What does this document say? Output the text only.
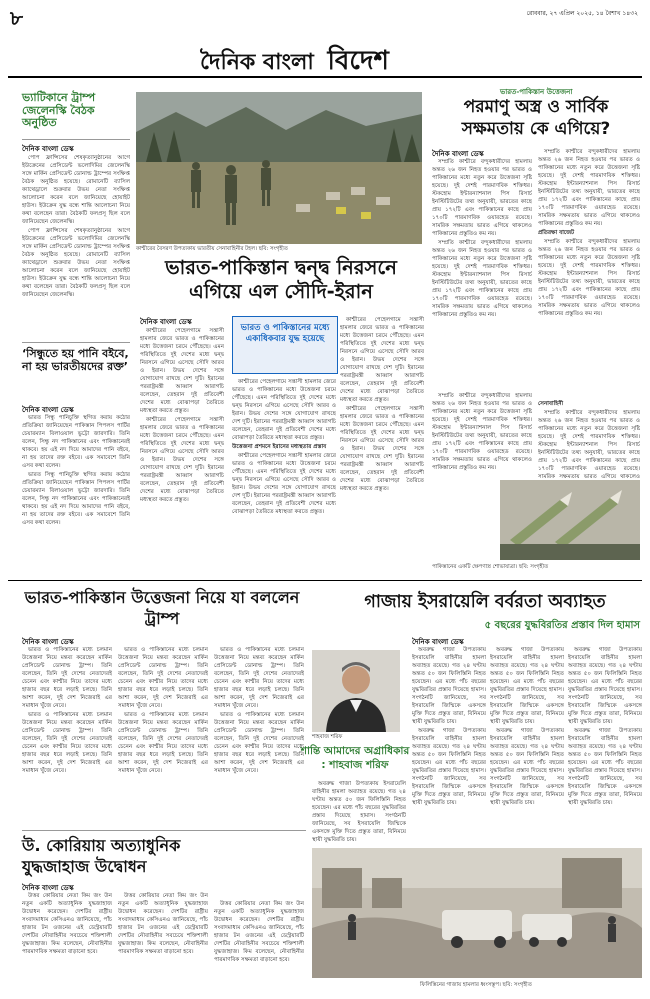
৮	রোববার, ২৭ এপ্রিল ২০২৫, ১৪ বৈশাখ ১৪৩২
দৈনিক বাংলা বিদেশ
ভ্যাটিকানে ট্রাম্প জেলেনস্কি বৈঠক অনুষ্ঠিত
দৈনিক বাংলা ডেস্ক

পোপ ফ্রান্সিসের শেষকৃত্যানুষ্ঠানের আগে ইউক্রেনের প্রেসিডেন্ট ভলোদিমির জেলেনস্কি সঙ্গে মার্কিন প্রেসিডেন্ট ডোনাল্ড ট্রাম্পের সংক্ষিপ্ত বৈঠক অনুষ্ঠিত হয়েছে। রোমানেটি ব্যাসিল ক্যাথেড্রালে শুক্রবার উভয় নেতা সংক্ষিপ্ত আলোচনা করেন বলে জানিয়েছে হোয়াইট হাউস। ইউক্রেন যুদ্ধ বন্ধে শান্তি আলোচনা নিয়ে কথা বলেছেন তারা। বৈঠকটি ফলপ্রসূ ছিল বলে জানিয়েছেন জেলেনস্কি।

পোপ ফ্রান্সিসের শেষকৃত্যানুষ্ঠানের আগে ইউক্রেনের প্রেসিডেন্ট ভলোদিমির জেলেনস্কি সঙ্গে মার্কিন প্রেসিডেন্ট ডোনাল্ড ট্রাম্পের সংক্ষিপ্ত বৈঠক অনুষ্ঠিত হয়েছে। রোমানেটি ব্যাসিল ক্যাথেড্রালে শুক্রবার উভয় নেতা সংক্ষিপ্ত আলোচনা করেন বলে জানিয়েছে হোয়াইট হাউস। ইউক্রেন যুদ্ধ বন্ধে শান্তি আলোচনা নিয়ে কথা বলেছেন তারা। বৈঠকটি ফলপ্রসূ ছিল বলে জানিয়েছেন জেলেনস্কি।

‘সিন্ধুতে হয় পানি বইবে, না হয় ভারতীয়দের রক্ত’
দৈনিক বাংলা ডেস্ক

ভারত সিন্ধু পানিচুক্তি স্থগিত করায় কঠোর প্রতিক্রিয়া জানিয়েছেন পাকিস্তান পিপলস পার্টির চেয়ারম্যান বিলাওয়াল ভুট্টো জারদারি। তিনি বলেন, সিন্ধু নদ পাকিস্তানের এবং পাকিস্তানেরই থাকবে। হয় এই নদ দিয়ে আমাদের পানি বইবে, না হয় তাদের রক্ত বইবে। এক সমাবেশে তিনি এসব কথা বলেন।

ভারত সিন্ধু পানিচুক্তি স্থগিত করায় কঠোর প্রতিক্রিয়া জানিয়েছেন পাকিস্তান পিপলস পার্টির চেয়ারম্যান বিলাওয়াল ভুট্টো জারদারি। তিনি বলেন, সিন্ধু নদ পাকিস্তানের এবং পাকিস্তানেরই থাকবে। হয় এই নদ দিয়ে আমাদের পানি বইবে, না হয় তাদের রক্ত বইবে। এক সমাবেশে তিনি এসব কথা বলেন।

কাশ্মীরের বৈসরণ উপত্যকায় ভারতীয় সেনাবাহিনীর টহল। ছবি: সংগৃহীত
ভারত-পাকিস্তান দ্বন্দ্ব নিরসনে এগিয়ে এল সৌদি-ইরান
দৈনিক বাংলা ডেস্ক

কাশ্মীরের পেহেলগামে সন্ত্রাসী হামলার জেরে ভারত ও পাকিস্তানের মধ্যে উত্তেজনা চরমে পৌঁছেছে। এমন পরিস্থিতিতে দুই দেশের মধ্যে দ্বন্দ্ব নিরসনে এগিয়ে এসেছে সৌদি আরব ও ইরান। উভয় দেশের সঙ্গে যোগাযোগ রাখছে দেশ দুটি। ইরানের পররাষ্ট্রমন্ত্রী আব্বাস আরাগচি বলেছেন, তেহরান দুই প্রতিবেশী দেশের মধ্যে বোঝাপড়া তৈরিতে মধ্যস্থতা করতে প্রস্তুত।

কাশ্মীরের পেহেলগামে সন্ত্রাসী হামলার জেরে ভারত ও পাকিস্তানের মধ্যে উত্তেজনা চরমে পৌঁছেছে। এমন পরিস্থিতিতে দুই দেশের মধ্যে দ্বন্দ্ব নিরসনে এগিয়ে এসেছে সৌদি আরব ও ইরান। উভয় দেশের সঙ্গে যোগাযোগ রাখছে দেশ দুটি। ইরানের পররাষ্ট্রমন্ত্রী আব্বাস আরাগচি বলেছেন, তেহরান দুই প্রতিবেশী দেশের মধ্যে বোঝাপড়া তৈরিতে মধ্যস্থতা করতে প্রস্তুত।

ভারত ও পাকিস্তানের মধ্যে একাধিকবার যুদ্ধ হয়েছে

কাশ্মীরের পেহেলগামে সন্ত্রাসী হামলার জেরে ভারত ও পাকিস্তানের মধ্যে উত্তেজনা চরমে পৌঁছেছে। এমন পরিস্থিতিতে দুই দেশের মধ্যে দ্বন্দ্ব নিরসনে এগিয়ে এসেছে সৌদি আরব ও ইরান। উভয় দেশের সঙ্গে যোগাযোগ রাখছে দেশ দুটি। ইরানের পররাষ্ট্রমন্ত্রী আব্বাস আরাগচি বলেছেন, তেহরান দুই প্রতিবেশী দেশের মধ্যে বোঝাপড়া তৈরিতে মধ্যস্থতা করতে প্রস্তুত।

উত্তেজনা প্রশমনে ইরানের মধ্যস্থতার প্রস্তাব

কাশ্মীরের পেহেলগামে সন্ত্রাসী হামলার জেরে ভারত ও পাকিস্তানের মধ্যে উত্তেজনা চরমে পৌঁছেছে। এমন পরিস্থিতিতে দুই দেশের মধ্যে দ্বন্দ্ব নিরসনে এগিয়ে এসেছে সৌদি আরব ও ইরান। উভয় দেশের সঙ্গে যোগাযোগ রাখছে দেশ দুটি। ইরানের পররাষ্ট্রমন্ত্রী আব্বাস আরাগচি বলেছেন, তেহরান দুই প্রতিবেশী দেশের মধ্যে বোঝাপড়া তৈরিতে মধ্যস্থতা করতে প্রস্তুত।

কাশ্মীরের পেহেলগামে সন্ত্রাসী হামলার জেরে ভারত ও পাকিস্তানের মধ্যে উত্তেজনা চরমে পৌঁছেছে। এমন পরিস্থিতিতে দুই দেশের মধ্যে দ্বন্দ্ব নিরসনে এগিয়ে এসেছে সৌদি আরব ও ইরান। উভয় দেশের সঙ্গে যোগাযোগ রাখছে দেশ দুটি। ইরানের পররাষ্ট্রমন্ত্রী আব্বাস আরাগচি বলেছেন, তেহরান দুই প্রতিবেশী দেশের মধ্যে বোঝাপড়া তৈরিতে মধ্যস্থতা করতে প্রস্তুত।

কাশ্মীরের পেহেলগামে সন্ত্রাসী হামলার জেরে ভারত ও পাকিস্তানের মধ্যে উত্তেজনা চরমে পৌঁছেছে। এমন পরিস্থিতিতে দুই দেশের মধ্যে দ্বন্দ্ব নিরসনে এগিয়ে এসেছে সৌদি আরব ও ইরান। উভয় দেশের সঙ্গে যোগাযোগ রাখছে দেশ দুটি। ইরানের পররাষ্ট্রমন্ত্রী আব্বাস আরাগচি বলেছেন, তেহরান দুই প্রতিবেশী দেশের মধ্যে বোঝাপড়া তৈরিতে মধ্যস্থতা করতে প্রস্তুত।

ভারত-পাকিস্তান উত্তেজনা
পরমাণু অস্ত্র ও সার্বিক সক্ষমতায় কে এগিয়ে?
দৈনিক বাংলা ডেস্ক

সম্প্রতি কাশ্মীরে বন্দুকধারীদের হামলায় অন্তত ২৬ জন নিহত হওয়ার পর ভারত ও পাকিস্তানের মধ্যে নতুন করে উত্তেজনা সৃষ্টি হয়েছে। দুই দেশই পারমাণবিক শক্তিধর। স্টকহোম ইন্টারন্যাশনাল পিস রিসার্চ ইনস্টিটিউটের তথ্য অনুযায়ী, ভারতের কাছে প্রায় ১৭২টি এবং পাকিস্তানের কাছে প্রায় ১৭০টি পারমাণবিক ওয়ারহেড রয়েছে। সামরিক সক্ষমতায় ভারত এগিয়ে থাকলেও পাকিস্তানের প্রস্তুতিও কম নয়।

সম্প্রতি কাশ্মীরে বন্দুকধারীদের হামলায় অন্তত ২৬ জন নিহত হওয়ার পর ভারত ও পাকিস্তানের মধ্যে নতুন করে উত্তেজনা সৃষ্টি হয়েছে। দুই দেশই পারমাণবিক শক্তিধর। স্টকহোম ইন্টারন্যাশনাল পিস রিসার্চ ইনস্টিটিউটের তথ্য অনুযায়ী, ভারতের কাছে প্রায় ১৭২টি এবং পাকিস্তানের কাছে প্রায় ১৭০টি পারমাণবিক ওয়ারহেড রয়েছে। সামরিক সক্ষমতায় ভারত এগিয়ে থাকলেও পাকিস্তানের প্রস্তুতিও কম নয়।

সম্প্রতি কাশ্মীরে বন্দুকধারীদের হামলায় অন্তত ২৬ জন নিহত হওয়ার পর ভারত ও পাকিস্তানের মধ্যে নতুন করে উত্তেজনা সৃষ্টি হয়েছে। দুই দেশই পারমাণবিক শক্তিধর। স্টকহোম ইন্টারন্যাশনাল পিস রিসার্চ ইনস্টিটিউটের তথ্য অনুযায়ী, ভারতের কাছে প্রায় ১৭২টি এবং পাকিস্তানের কাছে প্রায় ১৭০টি পারমাণবিক ওয়ারহেড রয়েছে। সামরিক সক্ষমতায় ভারত এগিয়ে থাকলেও পাকিস্তানের প্রস্তুতিও কম নয়।

প্রতিরক্ষা বাজেট

সম্প্রতি কাশ্মীরে বন্দুকধারীদের হামলায় অন্তত ২৬ জন নিহত হওয়ার পর ভারত ও পাকিস্তানের মধ্যে নতুন করে উত্তেজনা সৃষ্টি হয়েছে। দুই দেশই পারমাণবিক শক্তিধর। স্টকহোম ইন্টারন্যাশনাল পিস রিসার্চ ইনস্টিটিউটের তথ্য অনুযায়ী, ভারতের কাছে প্রায় ১৭২টি এবং পাকিস্তানের কাছে প্রায় ১৭০টি পারমাণবিক ওয়ারহেড রয়েছে। সামরিক সক্ষমতায় ভারত এগিয়ে থাকলেও পাকিস্তানের প্রস্তুতিও কম নয়।

সম্প্রতি কাশ্মীরে বন্দুকধারীদের হামলায় অন্তত ২৬ জন নিহত হওয়ার পর ভারত ও পাকিস্তানের মধ্যে নতুন করে উত্তেজনা সৃষ্টি হয়েছে। দুই দেশই পারমাণবিক শক্তিধর। স্টকহোম ইন্টারন্যাশনাল পিস রিসার্চ ইনস্টিটিউটের তথ্য অনুযায়ী, ভারতের কাছে প্রায় ১৭২টি এবং পাকিস্তানের কাছে প্রায় ১৭০টি পারমাণবিক ওয়ারহেড রয়েছে। সামরিক সক্ষমতায় ভারত এগিয়ে থাকলেও পাকিস্তানের প্রস্তুতিও কম নয়।

সেনাবাহিনী

সম্প্রতি কাশ্মীরে বন্দুকধারীদের হামলায় অন্তত ২৬ জন নিহত হওয়ার পর ভারত ও পাকিস্তানের মধ্যে নতুন করে উত্তেজনা সৃষ্টি হয়েছে। দুই দেশই পারমাণবিক শক্তিধর। স্টকহোম ইন্টারন্যাশনাল পিস রিসার্চ ইনস্টিটিউটের তথ্য অনুযায়ী, ভারতের কাছে প্রায় ১৭২টি এবং পাকিস্তানের কাছে প্রায় ১৭০টি পারমাণবিক ওয়ারহেড রয়েছে। সামরিক সক্ষমতায় ভারত এগিয়ে থাকলেও

পাকিস্তানের একটি ক্ষেপণাস্ত্র শোভাযাত্রা। ছবি: সংগৃহীত
ভারত-পাকিস্তান উত্তেজনা নিয়ে যা বললেন ট্রাম্প
দৈনিক বাংলা ডেস্ক

ভারত ও পাকিস্তানের মধ্যে চলমান উত্তেজনা নিয়ে মন্তব্য করেছেন মার্কিন প্রেসিডেন্ট ডোনাল্ড ট্রাম্প। তিনি বলেছেন, তিনি দুই দেশের নেতাদেরই চেনেন এবং কাশ্মীর নিয়ে তাদের মধ্যে হাজার বছর ধরে লড়াই চলছে। তিনি আশা করেন, দুই দেশ নিজেরাই এর সমাধান খুঁজে নেবে।

ভারত ও পাকিস্তানের মধ্যে চলমান উত্তেজনা নিয়ে মন্তব্য করেছেন মার্কিন প্রেসিডেন্ট ডোনাল্ড ট্রাম্প। তিনি বলেছেন, তিনি দুই দেশের নেতাদেরই চেনেন এবং কাশ্মীর নিয়ে তাদের মধ্যে হাজার বছর ধরে লড়াই চলছে। তিনি আশা করেন, দুই দেশ নিজেরাই এর সমাধান খুঁজে নেবে।

ভারত ও পাকিস্তানের মধ্যে চলমান উত্তেজনা নিয়ে মন্তব্য করেছেন মার্কিন প্রেসিডেন্ট ডোনাল্ড ট্রাম্প। তিনি বলেছেন, তিনি দুই দেশের নেতাদেরই চেনেন এবং কাশ্মীর নিয়ে তাদের মধ্যে হাজার বছর ধরে লড়াই চলছে। তিনি আশা করেন, দুই দেশ নিজেরাই এর সমাধান খুঁজে নেবে।

ভারত ও পাকিস্তানের মধ্যে চলমান উত্তেজনা নিয়ে মন্তব্য করেছেন মার্কিন প্রেসিডেন্ট ডোনাল্ড ট্রাম্প। তিনি বলেছেন, তিনি দুই দেশের নেতাদেরই চেনেন এবং কাশ্মীর নিয়ে তাদের মধ্যে হাজার বছর ধরে লড়াই চলছে। তিনি আশা করেন, দুই দেশ নিজেরাই এর সমাধান খুঁজে নেবে।

ভারত ও পাকিস্তানের মধ্যে চলমান উত্তেজনা নিয়ে মন্তব্য করেছেন মার্কিন প্রেসিডেন্ট ডোনাল্ড ট্রাম্প। তিনি বলেছেন, তিনি দুই দেশের নেতাদেরই চেনেন এবং কাশ্মীর নিয়ে তাদের মধ্যে হাজার বছর ধরে লড়াই চলছে। তিনি আশা করেন, দুই দেশ নিজেরাই এর সমাধান খুঁজে নেবে।

ভারত ও পাকিস্তানের মধ্যে চলমান উত্তেজনা নিয়ে মন্তব্য করেছেন মার্কিন প্রেসিডেন্ট ডোনাল্ড ট্রাম্প। তিনি বলেছেন, তিনি দুই দেশের নেতাদেরই চেনেন এবং কাশ্মীর নিয়ে তাদের মধ্যে হাজার বছর ধরে লড়াই চলছে। তিনি আশা করেন, দুই দেশ নিজেরাই এর সমাধান খুঁজে নেবে।

শাহবাজ শরিফ
শান্তি আমাদের অগ্রাধিকার : শাহবাজ শরিফ
গাজায় ইসরায়েলি বর্বরতা অব্যাহত
৫ বছরের যুদ্ধবিরতির প্রস্তাব দিল হামাস
দৈনিক বাংলা ডেস্ক

অবরুদ্ধ গাজা উপত্যকায় ইসরায়েলি বাহিনীর হামলা অব্যাহত রয়েছে। গত ২৪ ঘণ্টায় অন্তত ৫০ জন ফিলিস্তিনি নিহত হয়েছেন। এর মধ্যে পাঁচ বছরের যুদ্ধবিরতির প্রস্তাব দিয়েছে হামাস। সংগঠনটি জানিয়েছে, সব ইসরায়েলি জিম্মিকে একসঙ্গে মুক্তি দিতে প্রস্তুত তারা, বিনিময়ে স্থায়ী যুদ্ধবিরতি চায়।

অবরুদ্ধ গাজা উপত্যকায় ইসরায়েলি বাহিনীর হামলা অব্যাহত রয়েছে। গত ২৪ ঘণ্টায় অন্তত ৫০ জন ফিলিস্তিনি নিহত হয়েছেন। এর মধ্যে পাঁচ বছরের যুদ্ধবিরতির প্রস্তাব দিয়েছে হামাস। সংগঠনটি জানিয়েছে, সব ইসরায়েলি জিম্মিকে একসঙ্গে মুক্তি দিতে প্রস্তুত তারা, বিনিময়ে স্থায়ী যুদ্ধবিরতি চায়।

অবরুদ্ধ গাজা উপত্যকায় ইসরায়েলি বাহিনীর হামলা অব্যাহত রয়েছে। গত ২৪ ঘণ্টায় অন্তত ৫০ জন ফিলিস্তিনি নিহত হয়েছেন। এর মধ্যে পাঁচ বছরের যুদ্ধবিরতির প্রস্তাব দিয়েছে হামাস। সংগঠনটি জানিয়েছে, সব ইসরায়েলি জিম্মিকে একসঙ্গে মুক্তি দিতে প্রস্তুত তারা, বিনিময়ে স্থায়ী যুদ্ধবিরতি চায়।

অবরুদ্ধ গাজা উপত্যকায় ইসরায়েলি বাহিনীর হামলা অব্যাহত রয়েছে। গত ২৪ ঘণ্টায় অন্তত ৫০ জন ফিলিস্তিনি নিহত হয়েছেন। এর মধ্যে পাঁচ বছরের যুদ্ধবিরতির প্রস্তাব দিয়েছে হামাস। সংগঠনটি জানিয়েছে, সব ইসরায়েলি জিম্মিকে একসঙ্গে মুক্তি দিতে প্রস্তুত তারা, বিনিময়ে স্থায়ী যুদ্ধবিরতি চায়।

অবরুদ্ধ গাজা উপত্যকায় ইসরায়েলি বাহিনীর হামলা অব্যাহত রয়েছে। গত ২৪ ঘণ্টায় অন্তত ৫০ জন ফিলিস্তিনি নিহত হয়েছেন। এর মধ্যে পাঁচ বছরের যুদ্ধবিরতির প্রস্তাব দিয়েছে হামাস। সংগঠনটি জানিয়েছে, সব ইসরায়েলি জিম্মিকে একসঙ্গে মুক্তি দিতে প্রস্তুত তারা, বিনিময়ে স্থায়ী যুদ্ধবিরতি চায়।

অবরুদ্ধ গাজা উপত্যকায় ইসরায়েলি বাহিনীর হামলা অব্যাহত রয়েছে। গত ২৪ ঘণ্টায় অন্তত ৫০ জন ফিলিস্তিনি নিহত হয়েছেন। এর মধ্যে পাঁচ বছরের যুদ্ধবিরতির প্রস্তাব দিয়েছে হামাস। সংগঠনটি জানিয়েছে, সব ইসরায়েলি জিম্মিকে একসঙ্গে মুক্তি দিতে প্রস্তুত তারা, বিনিময়ে স্থায়ী যুদ্ধবিরতি চায়।

অবরুদ্ধ গাজা উপত্যকায় ইসরায়েলি বাহিনীর হামলা অব্যাহত রয়েছে। গত ২৪ ঘণ্টায় অন্তত ৫০ জন ফিলিস্তিনি নিহত হয়েছেন। এর মধ্যে পাঁচ বছরের যুদ্ধবিরতির প্রস্তাব দিয়েছে হামাস। সংগঠনটি জানিয়েছে, সব ইসরায়েলি জিম্মিকে একসঙ্গে মুক্তি দিতে প্রস্তুত তারা, বিনিময়ে স্থায়ী যুদ্ধবিরতি চায়।

উ. কোরিয়ায় অত্যাধুনিক যুদ্ধজাহাজ উদ্বোধন
দৈনিক বাংলা ডেস্ক

উত্তর কোরিয়ার নেতা কিম জং উন নতুন একটি অত্যাধুনিক যুদ্ধজাহাজ উদ্বোধন করেছেন। দেশটির রাষ্ট্রীয় সংবাদমাধ্যম কেসিএনএ জানিয়েছে, পাঁচ হাজার টন ওজনের এই ডেস্ট্রয়ারটি দেশটির নৌবাহিনীর সবচেয়ে শক্তিশালী যুদ্ধজাহাজ। কিম বলেছেন, নৌবাহিনীর পারমাণবিক সক্ষমতা বাড়ানো হবে।

উত্তর কোরিয়ার নেতা কিম জং উন নতুন একটি অত্যাধুনিক যুদ্ধজাহাজ উদ্বোধন করেছেন। দেশটির রাষ্ট্রীয় সংবাদমাধ্যম কেসিএনএ জানিয়েছে, পাঁচ হাজার টন ওজনের এই ডেস্ট্রয়ারটি দেশটির নৌবাহিনীর সবচেয়ে শক্তিশালী যুদ্ধজাহাজ। কিম বলেছেন, নৌবাহিনীর পারমাণবিক সক্ষমতা বাড়ানো হবে।

উত্তর কোরিয়ার নেতা কিম জং উন নতুন একটি অত্যাধুনিক যুদ্ধজাহাজ উদ্বোধন করেছেন। দেশটির রাষ্ট্রীয় সংবাদমাধ্যম কেসিএনএ জানিয়েছে, পাঁচ হাজার টন ওজনের এই ডেস্ট্রয়ারটি দেশটির নৌবাহিনীর সবচেয়ে শক্তিশালী যুদ্ধজাহাজ। কিম বলেছেন, নৌবাহিনীর পারমাণবিক সক্ষমতা বাড়ানো হবে।

ফিলিস্তিনের গাজায় হামলার ধ্বংসস্তূপ। ছবি: সংগৃহীত
